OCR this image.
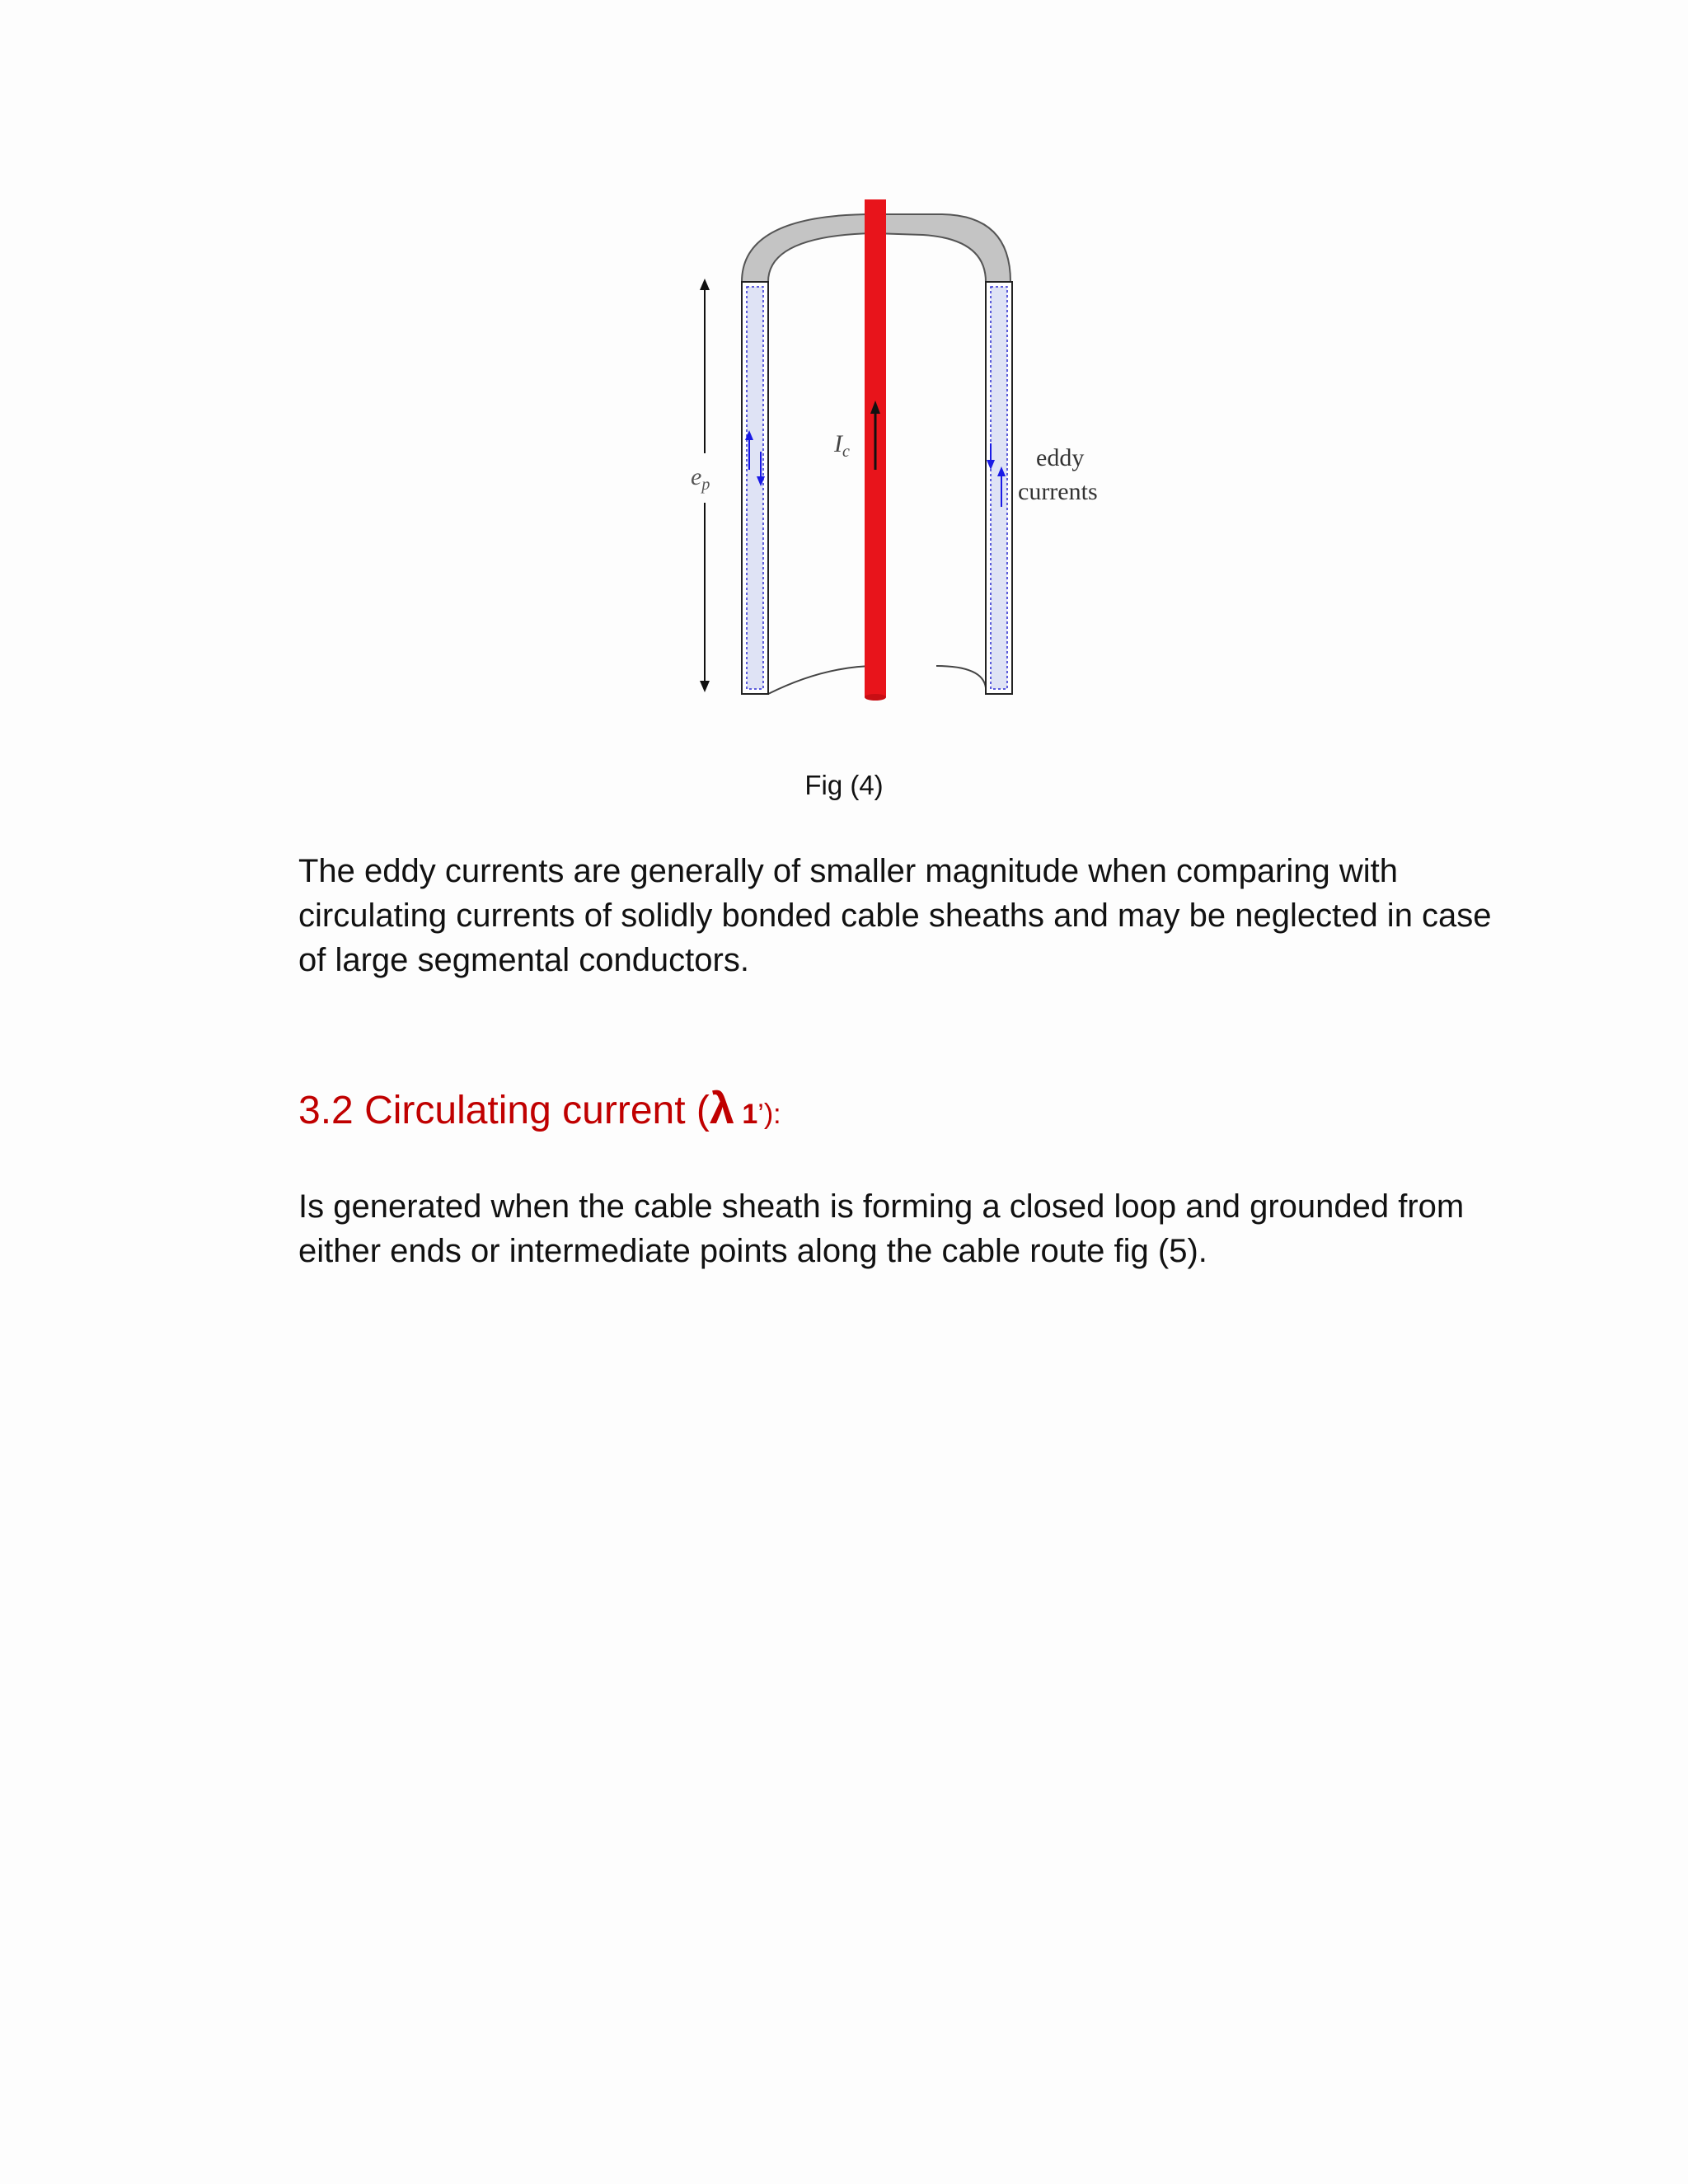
$e_p$
$I_c$	eddy
currents
Fig (4)

The eddy currents are generally of smaller magnitude when comparing with circulating currents of solidly bonded cable sheaths and may be neglected in case of large segmental conductors.

3.2 Circulating current (λ 1’):

Is generated when the cable sheath is forming a closed loop and grounded from either ends or intermediate points along the cable route fig (5).
